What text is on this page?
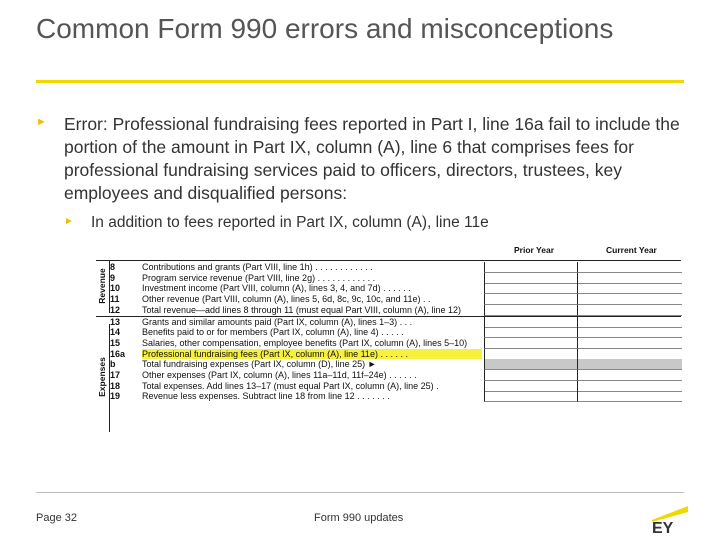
Common Form 990 errors and misconceptions
► Error: Professional fundraising fees reported in Part I, line 16a fail to include the portion of the amount in Part IX, column (A), line 6 that comprises fees for professional fundraising services paid to officers, directors, trustees, key employees and disqualified persons:
► In addition to fees reported in Part IX, column (A), line 11e
Prior Year	Current Year
Revenue
Expenses
8	Contributions and grants (Part VIII, line 1h) . . . . . . . . . . . .
9	Program service revenue (Part VIII, line 2g) . . . . . . . . . . . .
10	Investment income (Part VIII, column (A), lines 3, 4, and 7d) . . . . . .
11	Other revenue (Part VIII, column (A), lines 5, 6d, 8c, 9c, 10c, and 11e) . .
12	Total revenue—add lines 8 through 11 (must equal Part VIII, column (A), line 12)
13	Grants and similar amounts paid (Part IX, column (A), lines 1–3) . . .
14	Benefits paid to or for members (Part IX, column (A), line 4) . . . . .
15	Salaries, other compensation, employee benefits (Part IX, column (A), lines 5–10)
16a	Professional fundraising fees (Part IX, column (A), line 11e) . . . . . .
b	Total fundraising expenses (Part IX, column (D), line 25) ►
17	Other expenses (Part IX, column (A), lines 11a–11d, 11f–24e) . . . . . .
18	Total expenses. Add lines 13–17 (must equal Part IX, column (A), line 25) .
19	Revenue less expenses. Subtract line 18 from line 12 . . . . . . .
Page 32	Form 990 updates
EY
